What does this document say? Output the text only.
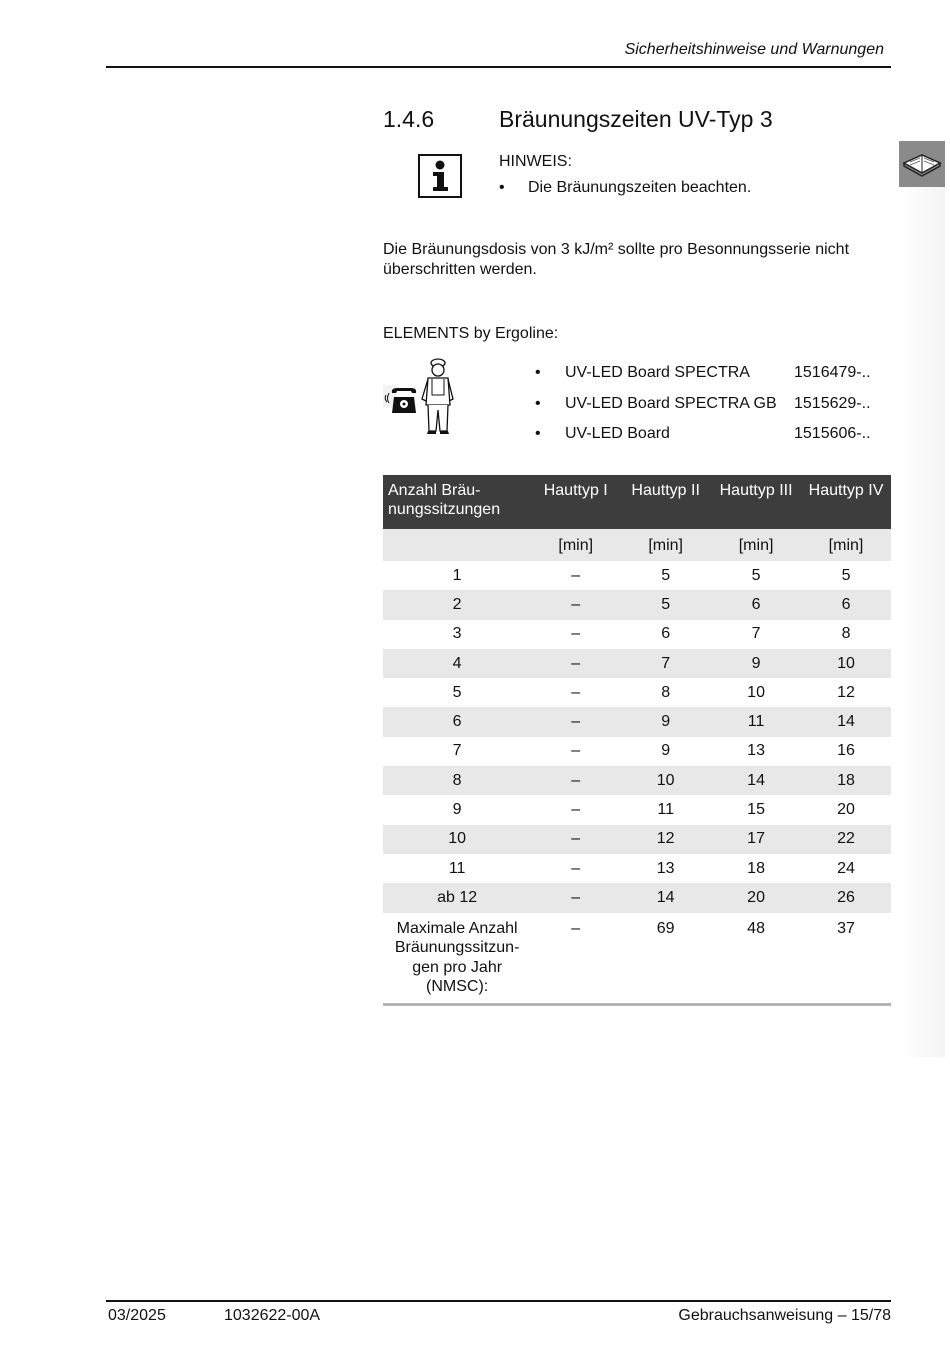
Sicherheitshinweise und Warnungen
1.4.6	Bräunungszeiten UV-Typ 3
HINWEIS:
•	Die Bräunungszeiten beachten.
Die Bräunungsdosis von 3 kJ/m² sollte pro Besonnungsserie nicht überschritten werden.
ELEMENTS by Ergoline:
•	UV-LED Board SPECTRA	1516479-..
•	UV-LED Board SPECTRA GB	1515629-..
•	UV-LED Board	1515606-..
Anzahl Bräu-
nungssitzungen	Hauttyp I	Hauttyp II	Hauttyp III	Hauttyp IV
	[min]	[min]	[min]	[min]
1	–	5	5	5
2	–	5	6	6
3	–	6	7	8
4	–	7	9	10
5	–	8	10	12
6	–	9	11	14
7	–	9	13	16
8	–	10	14	18
9	–	11	15	20
10	–	12	17	22
11	–	13	18	24
ab 12	–	14	20	26
Maximale Anzahl
Bräunungssitzun-
gen pro Jahr
(NMSC):	–	69	48	37
03/2025	1032622-00A	Gebrauchsanweisung – 15/78
